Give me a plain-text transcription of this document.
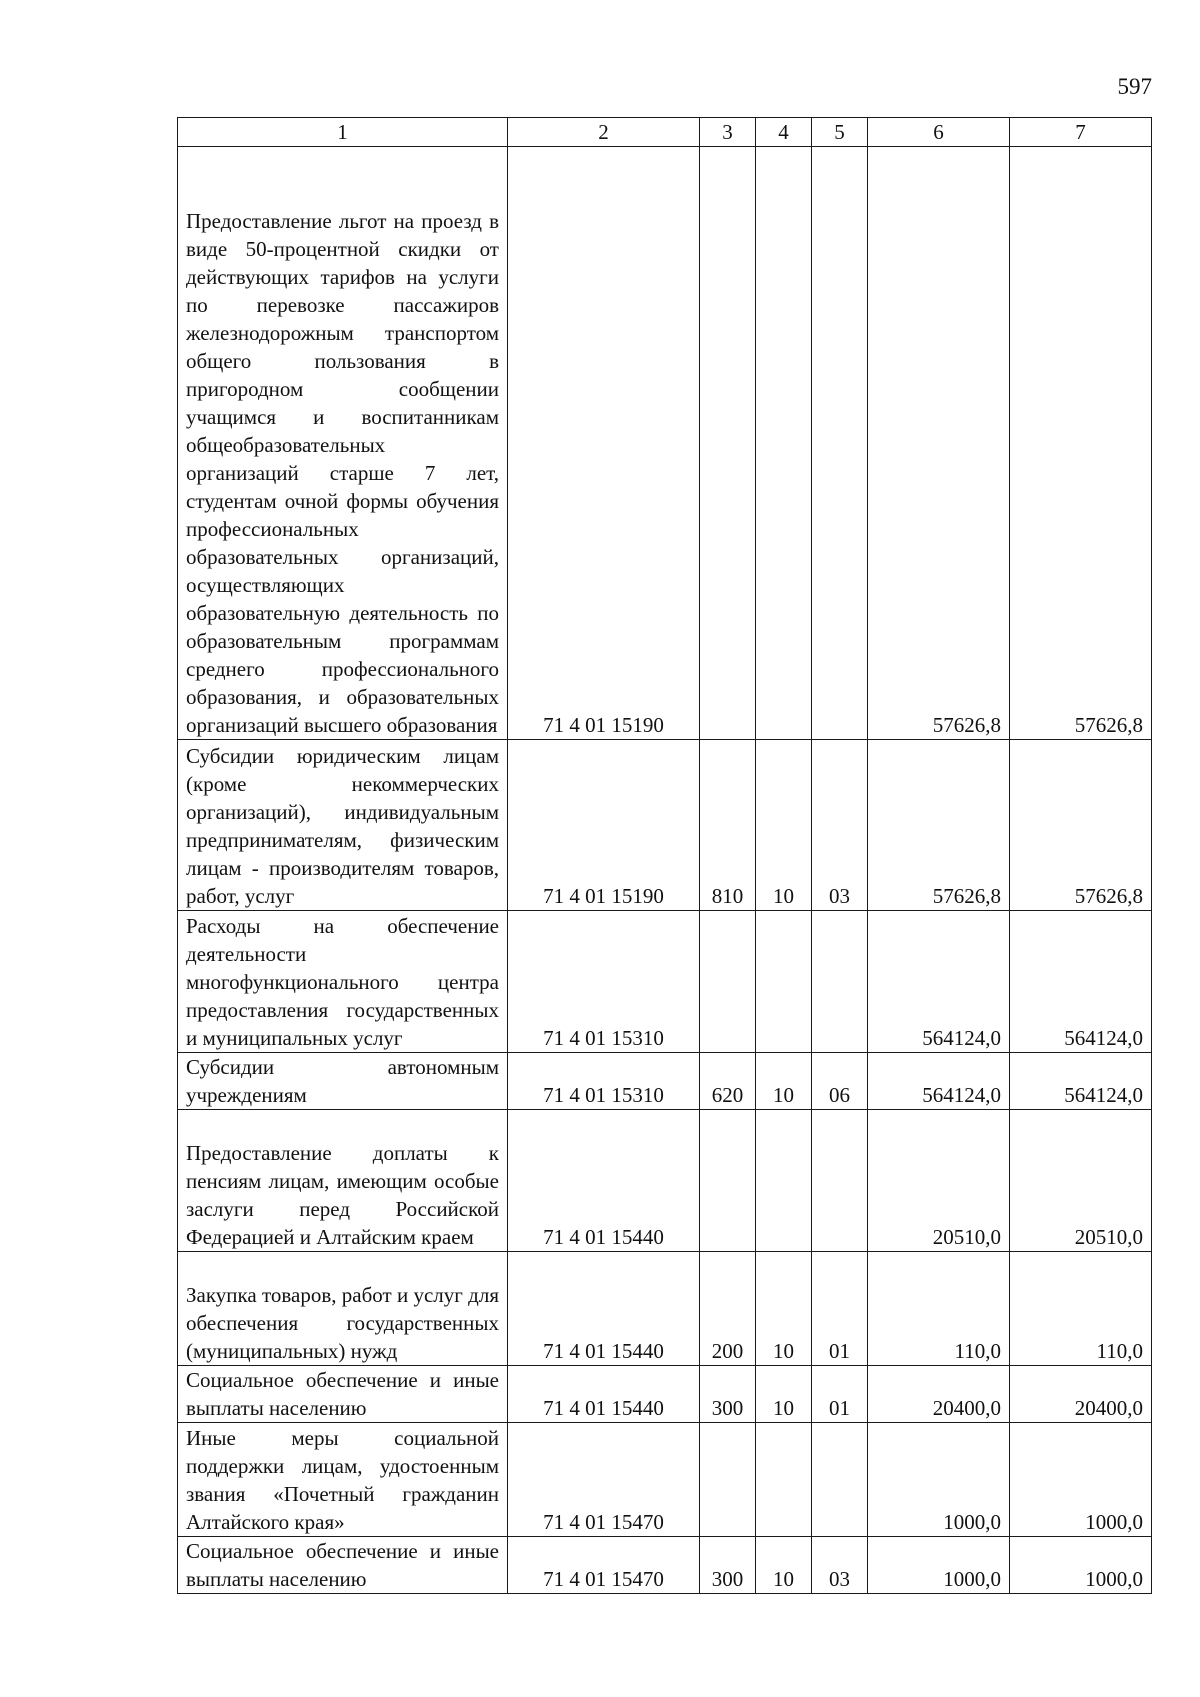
597
1	2	3	4	5	6	7
Предоставление льгот на проезд в виде 50-процентной скидки от действующих тарифов на услуги по перевозке пассажиров железнодорожным транспортом общего пользования в пригородном сообщении учащимся и воспитанникам общеобразовательных организаций старше 7 лет, студентам очной формы обучения профессиональных образовательных организаций, осуществляющих образовательную деятельность по образовательным программам среднего профессионального образования, и образовательных организаций высшего образования	71 4 01 15190				57626,8	57626,8
Субсидии юридическим лицам (кроме некоммерческих организаций), индивидуальным предпринимателям, физическим лицам - производителям товаров, работ, услуг	71 4 01 15190	810	10	03	57626,8	57626,8
Расходы на обеспечение деятельности многофункционального центра предоставления государственных и муниципальных услуг	71 4 01 15310				564124,0	564124,0
Субсидии автономным учреждениям	71 4 01 15310	620	10	06	564124,0	564124,0
Предоставление доплаты к пенсиям лицам, имеющим особые заслуги перед Российской Федерацией и Алтайским краем	71 4 01 15440				20510,0	20510,0
Закупка товаров, работ и услуг для обеспечения государственных (муниципальных) нужд	71 4 01 15440	200	10	01	110,0	110,0
Социальное обеспечение и иные выплаты населению	71 4 01 15440	300	10	01	20400,0	20400,0
Иные меры социальной поддержки лицам, удостоенным звания «Почетный гражданин Алтайского края»	71 4 01 15470				1000,0	1000,0
Социальное обеспечение и иные выплаты населению	71 4 01 15470	300	10	03	1000,0	1000,0
